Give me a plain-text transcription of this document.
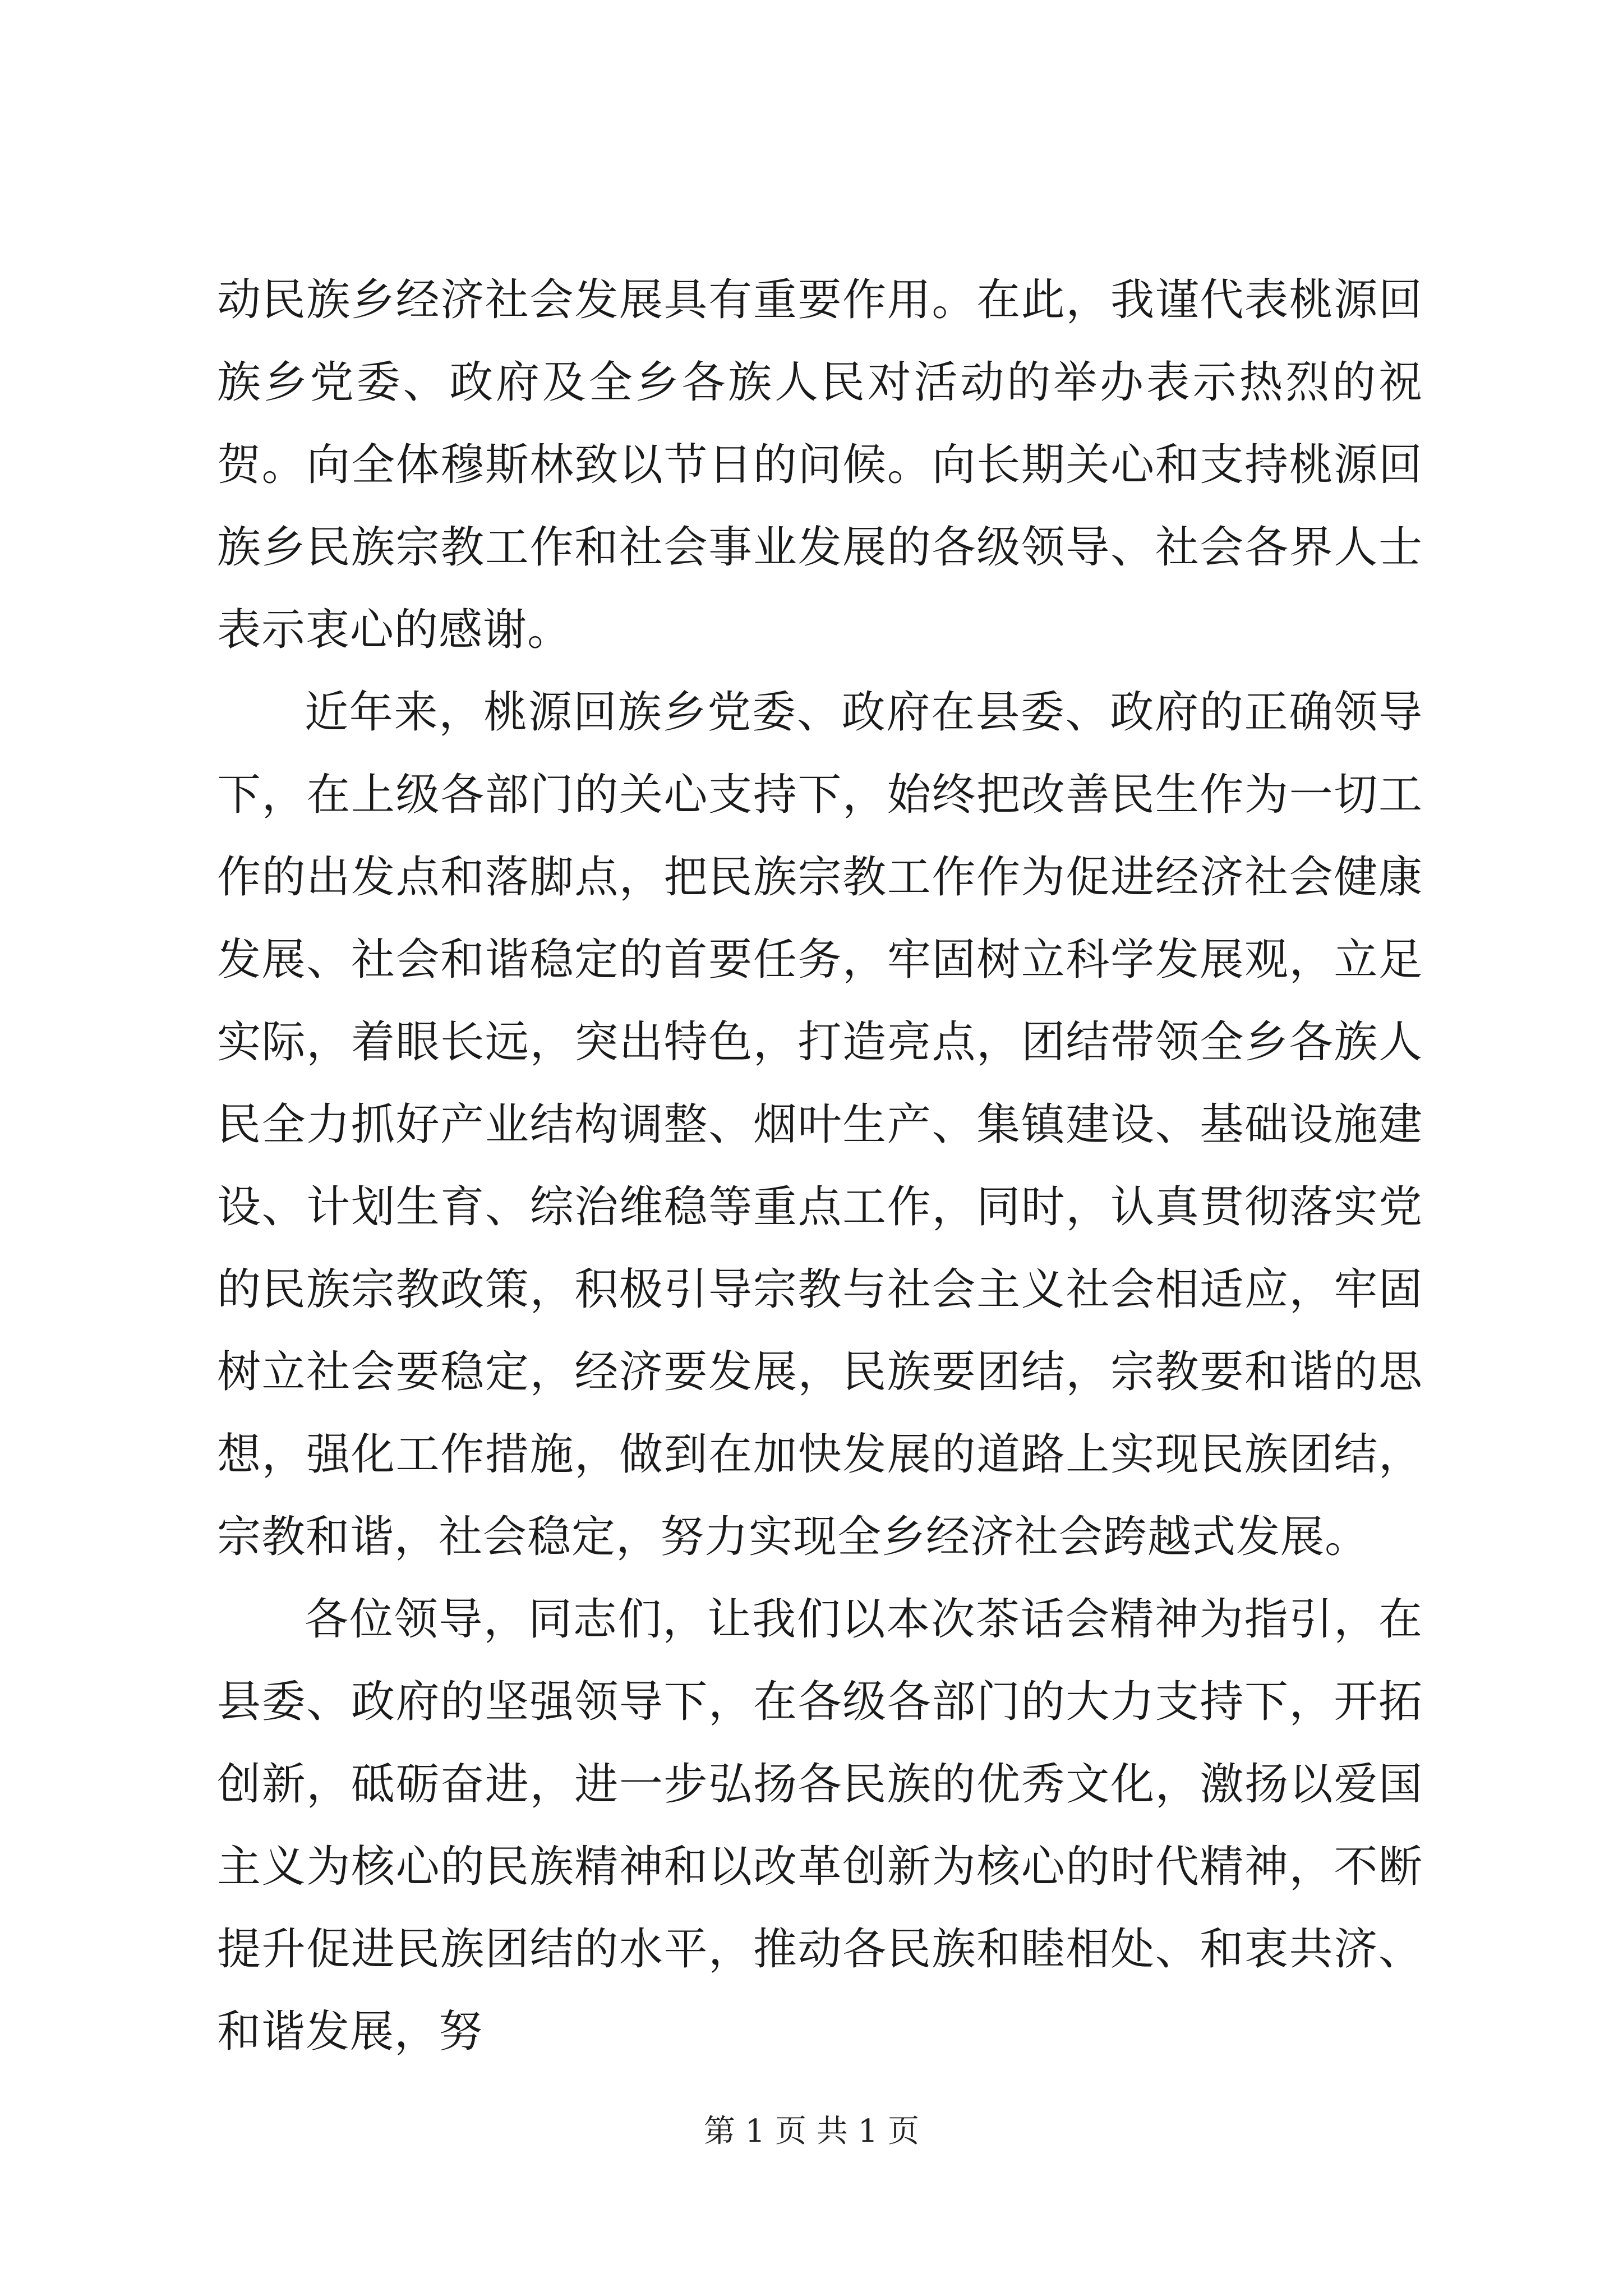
动民族乡经济社会发展具有重要作用。在此，我谨代表桃源回族乡党委、政府及全乡各族人民对活动的举办表示热烈的祝贺。向全体穆斯林致以节日的问候。向长期关心和支持桃源回族乡民族宗教工作和社会事业发展的各级领导、社会各界人士表示衷心的感谢。

近年来，桃源回族乡党委、政府在县委、政府的正确领导下，在上级各部门的关心支持下，始终把改善民生作为一切工作的出发点和落脚点，把民族宗教工作作为促进经济社会健康发展、社会和谐稳定的首要任务，牢固树立科学发展观，立足实际，着眼长远，突出特色，打造亮点，团结带领全乡各族人民全力抓好产业结构调整、烟叶生产、集镇建设、基础设施建设、计划生育、综治维稳等重点工作，同时，认真贯彻落实党的民族宗教政策，积极引导宗教与社会主义社会相适应，牢固树立社会要稳定，经济要发展，民族要团结，宗教要和谐的思想，强化工作措施，做到在加快发展的道路上实现民族团结，宗教和谐，社会稳定，努力实现全乡经济社会跨越式发展。

各位领导，同志们，让我们以本次茶话会精神为指引，在县委、政府的坚强领导下，在各级各部门的大力支持下，开拓创新，砥砺奋进，进一步弘扬各民族的优秀文化，激扬以爱国主义为核心的民族精神和以改革创新为核心的时代精神，不断提升促进民族团结的水平，推动各民族和睦相处、和衷共济、和谐发展，努

第 1 页 共 1 页
